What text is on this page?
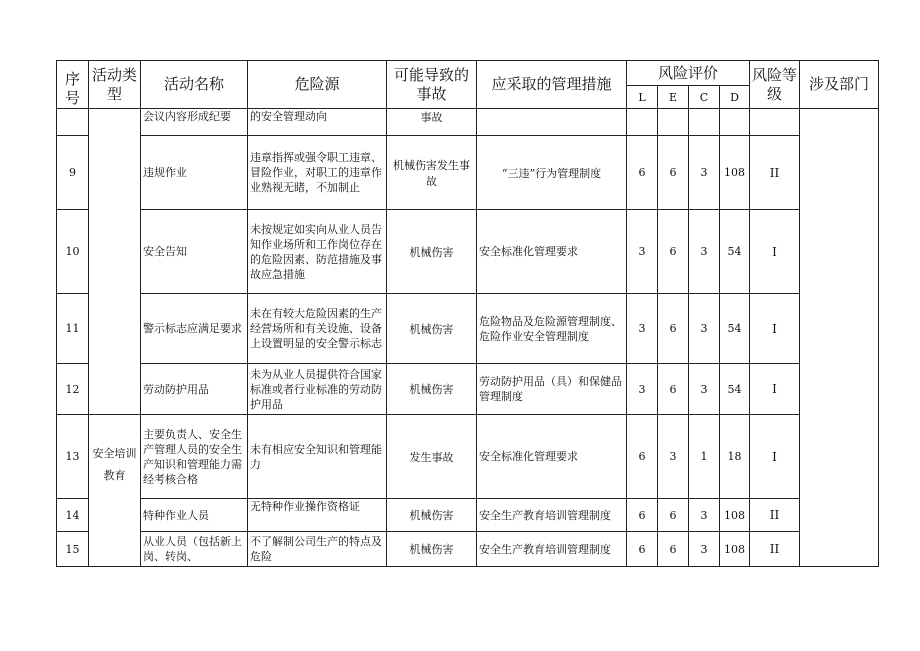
序号	活动类型	活动名称	危险源	可能导致的事故	应采取的管理措施	风险评价				风险等级	涉及部门
						L	E	C	D		
		会议内容形成纪要	的安全管理动向	事故							
9		违规作业	违章指挥或强令职工违章、冒险作业，对职工的违章作业熟视无睹，不加制止	机械伤害发生事故	“三违”行为管理制度	6	6	3	108	II	
10		安全告知	未按规定如实向从业人员告知作业场所和工作岗位存在的危险因素、防范措施及事故应急措施	机械伤害	安全标准化管理要求	3	6	3	54	I	
11		警示标志应满足要求	未在有较大危险因素的生产经营场所和有关设施、设备上设置明显的安全警示标志	机械伤害	危险物品及危险源管理制度、危险作业安全管理制度	3	6	3	54	I	
12		劳动防护用品	未为从业人员提供符合国家标准或者行业标准的劳动防护用品	机械伤害	劳动防护用品（具）和保健品管理制度	3	6	3	54	I	
13	安全培训教育	主要负责人、安全生产管理人员的安全生产知识和管理能力需经考核合格	未有相应安全知识和管理能力	发生事故	安全标准化管理要求	6	3	1	18	I	
14		特种作业人员	无特种作业操作资格证	机械伤害	安全生产教育培训管理制度	6	6	3	108	II	
15		从业人员（包括新上岗、转岗、	不了解制公司生产的特点及危险	机械伤害	安全生产教育培训管理制度	6	6	3	108	II	
